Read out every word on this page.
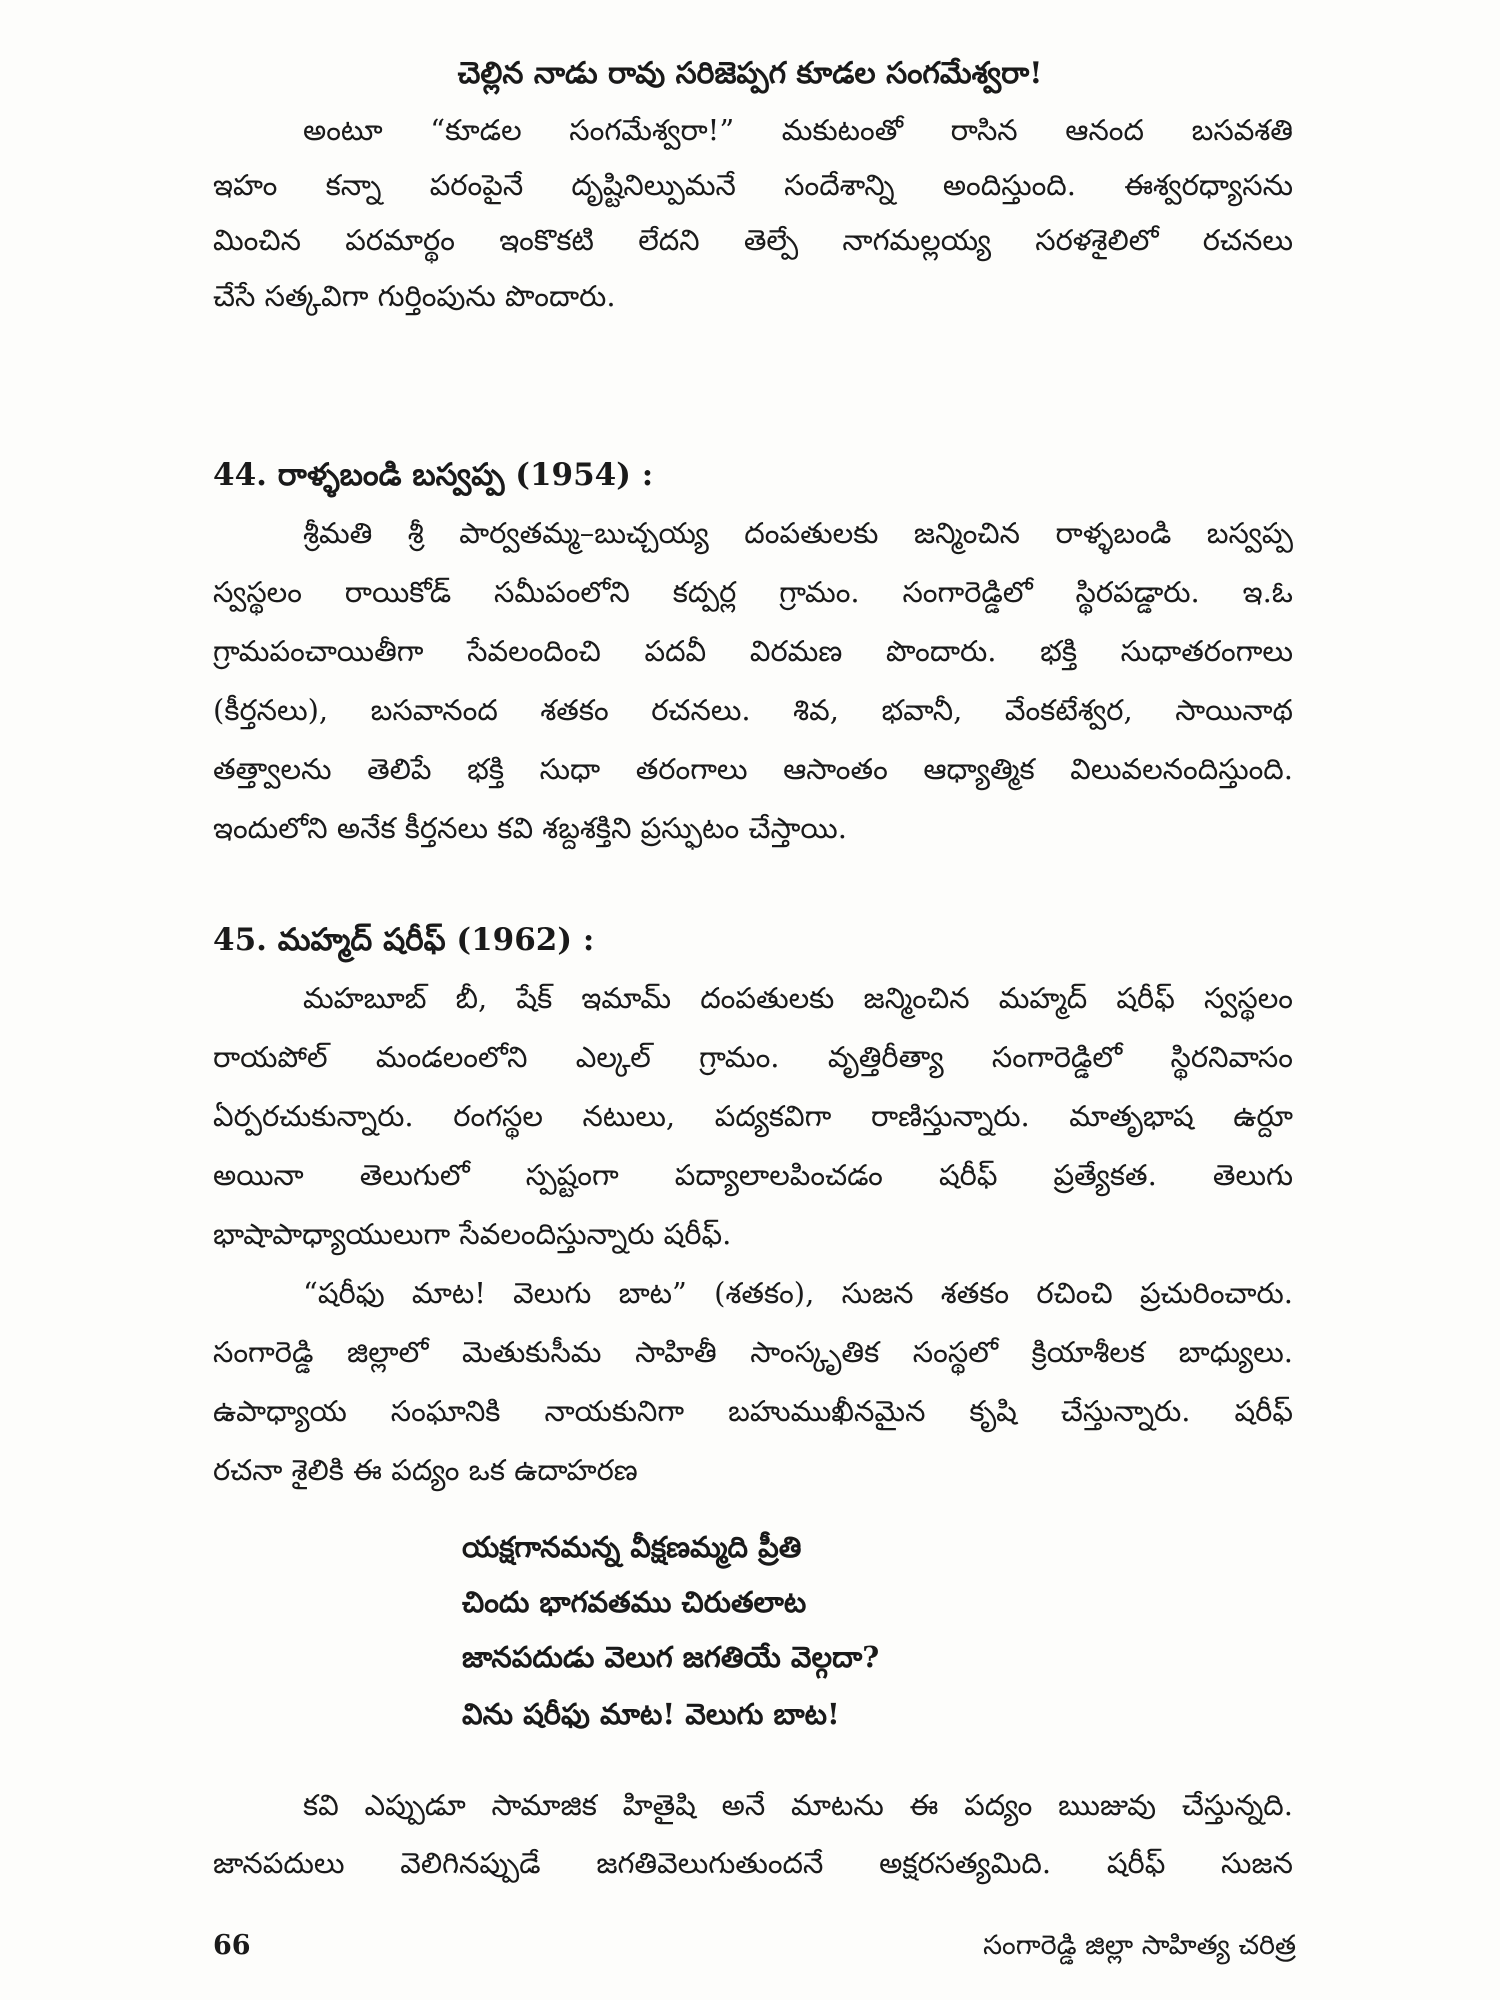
చెల్లిన నాడు రావు సరిజెప్పగ కూడల సంగమేశ్వరా!
అంటూ “కూడల సంగమేశ్వరా!” మకుటంతో రాసిన ఆనంద బసవశతి
ఇహం కన్నా పరంపైనే దృష్టినిల్పుమనే సందేశాన్ని అందిస్తుంది. ఈశ్వరధ్యాసను
మించిన పరమార్థం ఇంకొకటి లేదని తెల్పే నాగమల్లయ్య సరళశైలిలో రచనలు
చేసే సత్కవిగా గుర్తింపును పొందారు.
44. రాళ్ళబండి బస్వప్ప (1954) :
శ్రీమతి శ్రీ పార్వతమ్మ–బుచ్చయ్య దంపతులకు జన్మించిన రాళ్ళబండి బస్వప్ప
స్వస్థలం రాయికోడ్ సమీపంలోని కద్పర్ల గ్రామం. సంగారెడ్డిలో స్థిరపడ్డారు. ఇ.ఓ
గ్రామపంచాయితీగా సేవలందించి పదవీ విరమణ పొందారు. భక్తి సుధాతరంగాలు
(కీర్తనలు), బసవానంద శతకం రచనలు. శివ, భవానీ, వేంకటేశ్వర, సాయినాథ
తత్త్వాలను తెలిపే భక్తి సుధా తరంగాలు ఆసాంతం ఆధ్యాత్మిక విలువలనందిస్తుంది.
ఇందులోని అనేక కీర్తనలు కవి శబ్దశక్తిని ప్రస్ఫుటం చేస్తాయి.
45. మహ్మద్ షరీఫ్ (1962) :
మహబూబ్ బీ, షేక్ ఇమామ్ దంపతులకు జన్మించిన మహ్మద్ షరీఫ్ స్వస్థలం
రాయపోల్ మండలంలోని ఎల్కల్ గ్రామం. వృత్తిరీత్యా సంగారెడ్డిలో స్థిరనివాసం
ఏర్పరచుకున్నారు. రంగస్థల నటులు, పద్యకవిగా రాణిస్తున్నారు. మాతృభాష ఉర్దూ
అయినా తెలుగులో స్పష్టంగా పద్యాలాలపించడం షరీఫ్ ప్రత్యేకత. తెలుగు
భాషాపాధ్యాయులుగా సేవలందిస్తున్నారు షరీఫ్.
“షరీఫు మాట! వెలుగు బాట” (శతకం), సుజన శతకం రచించి ప్రచురించారు.
సంగారెడ్డి జిల్లాలో మెతుకుసీమ సాహితీ సాంస్కృతిక సంస్థలో క్రియాశీలక బాధ్యులు.
ఉపాధ్యాయ సంఘానికి నాయకునిగా బహుముఖీనమైన కృషి చేస్తున్నారు. షరీఫ్
రచనా శైలికి ఈ పద్యం ఒక ఉదాహరణ
యక్షగానమన్న వీక్షణమ్మది ప్రీతి
చిందు భాగవతము చిరుతలాట
జానపదుడు వెలుగ జగతియే వెల్గదా?
విను షరీఫు మాట! వెలుగు బాట!
కవి ఎప్పుడూ సామాజిక హితైషి అనే మాటను ఈ పద్యం ఋజువు చేస్తున్నది.
జానపదులు వెలిగినప్పుడే జగతివెలుగుతుందనే అక్షరసత్యమిది. షరీఫ్ సుజన
66	సంగారెడ్డి జిల్లా సాహిత్య చరిత్ర
